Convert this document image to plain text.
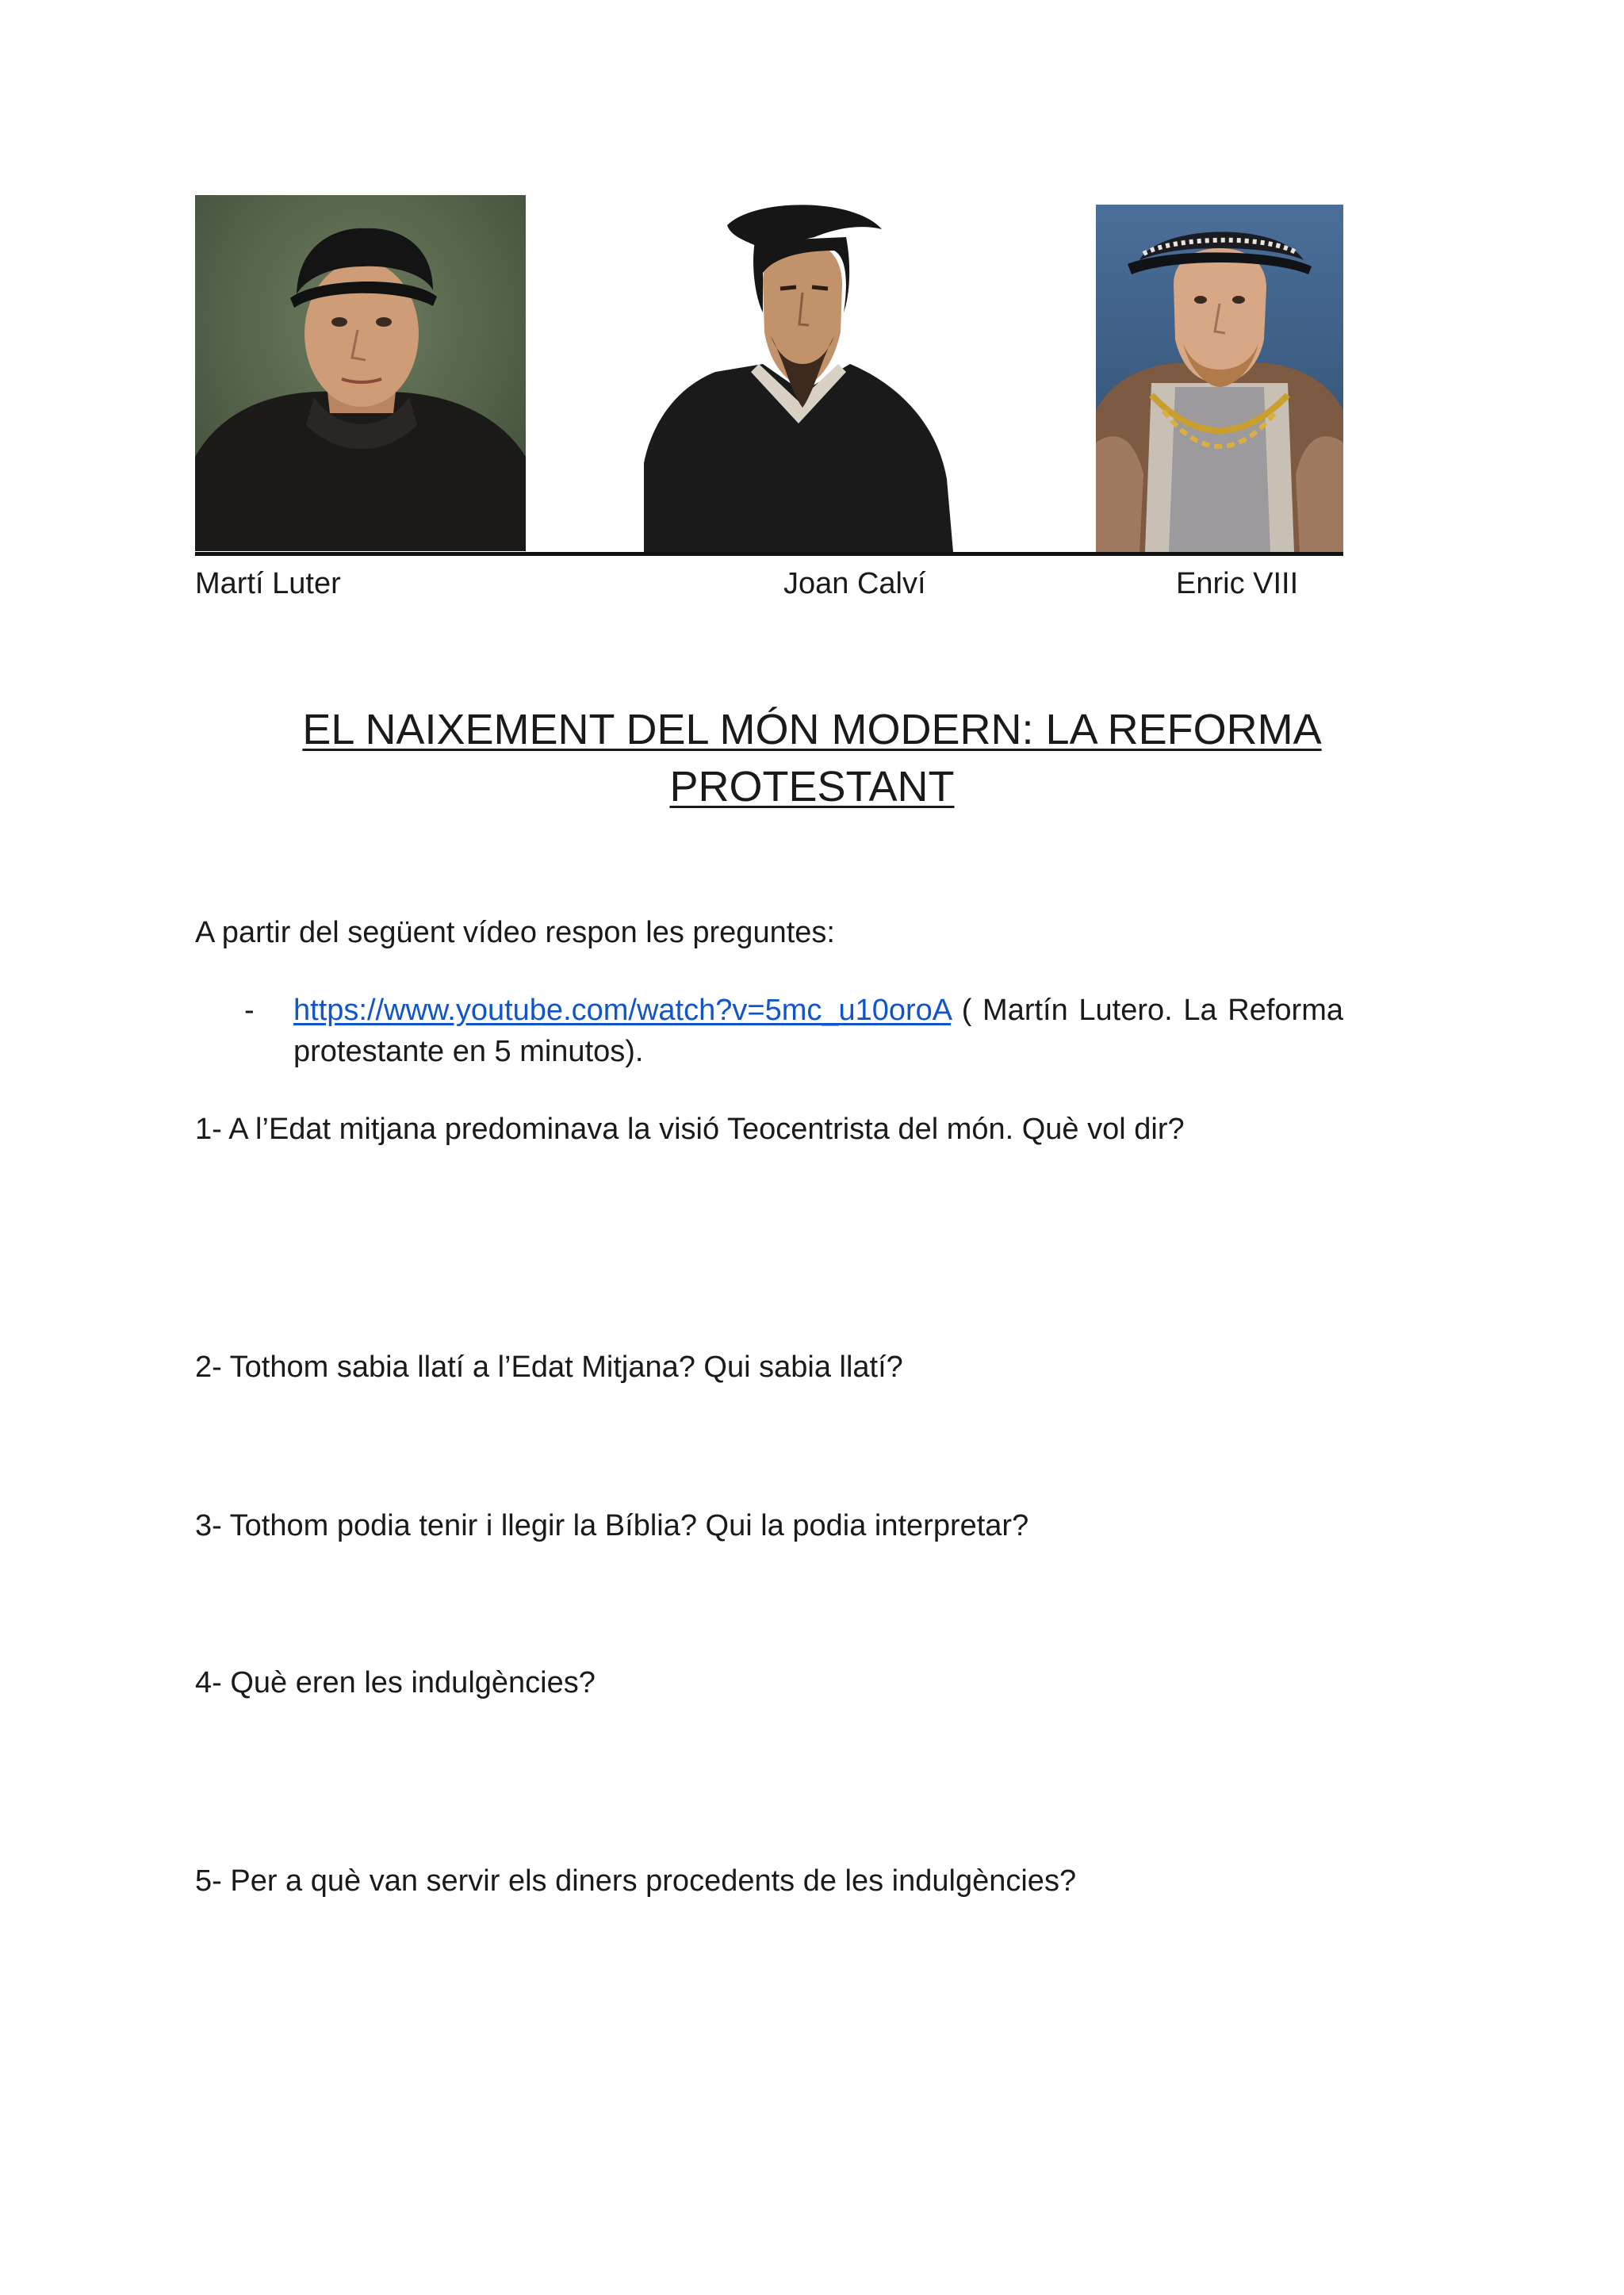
Martí Luter	Joan Calví	Enric VIII
EL NAIXEMENT DEL MÓN MODERN: LA REFORMA
PROTESTANT
A partir del següent vídeo respon les preguntes:
- https://www.youtube.com/watch?v=5mc_u10oroA ( Martín Lutero. La Reforma protestante en 5 minutos).
1- A l’Edat mitjana predominava la visió Teocentrista del món. Què vol dir?
2- Tothom sabia llatí a l’Edat Mitjana? Qui sabia llatí?
3- Tothom podia tenir i llegir la Bíblia? Qui la podia interpretar?
4- Què eren les indulgències?
5- Per a què van servir els diners procedents de les indulgències?
